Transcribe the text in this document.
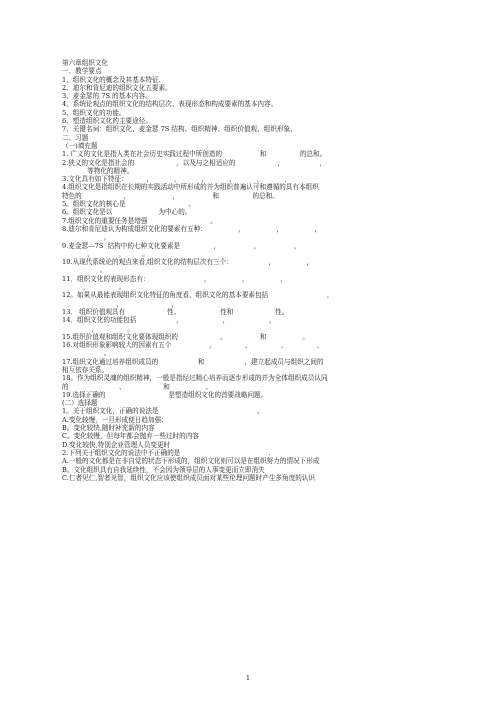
第六章组织文化

一、教学要点

1、组织文化的概念及其基本特征.

2、迪尔和肯尼迪的组织文化五要素。

3、麦金瑟的 7S 的基本内容。

4、系统论观点的组织文化的结构层次、表现形态和构成要素的基本内容。

5、组织文化的功能。

6、塑造组织文化的主要途径。

7、关键名词：组织文化、麦金瑟 7S 结构、组织精神、组织价值观、组织形象、

二、习题

（一)填充题

1. 广义的文化是指人类在社会历史实践过程中所创造的                  和                的总和。

2.狭义的文化是指社会的                    ，以及与之相适应的                    ，                 ，

等物化的精神。

3.文化具有如下特征：         ，          ，          ，          ，          ，          ，

4.组织文化是指组织在长期的实践活动中所形成的并为组织普遍认可和遵循的具有本组织

特色的                    ，                    ，                和                的总和。

5。组织文化的核心是                              。

6。组织文化是以                      为中心的。

7.组织文化的重要任务是增强                              。

8.迪尔和肯尼迪认为构成组织文化的要素有五种：               ，               ，               ，

，

9.麦金瑟—7S  结构中的七种文化要素是                ，                ，                ，

，            ，        。

10.从现代系统论的观点来看,组织文化的结构层次有三个：                 ，               ，

。

11．组织文化的表现形态有：                          ，               ，               ，

，              。

12。如果从最能表现组织文化特征的角度看，组织文化的基本要素包括                            ，

，                       ，

13． 组织价值观具有                    性、                   性和                    性。

14．组织文化的功能包括                   ，                   ，                   ，

，              。

15.组织价值观和组织文化要体现组织的                    、                和                 。

16.对组织形象影响较大的因素有五个                  ，              ，              ，              ，

。

17.组织文化通过培养组织成员的                   和                   ，建立起成员与组织之间的

相互依存关系。

18。作为组织灵魂的组织精神，一般是指经过精心培养而逐步形成的并为全体组织成员认同

的                        、                  和                 。

19.选择正确的                              是塑造组织文化的首要战略问题。

(二）选择题

1。关于组织文化，正确的说法是                                               。

A.变化较慢，一旦形成便日趋加强；

B。变化较快,随时补充新的内容

C。变化较慢，但每年都会抛弃一些过时的内容

D.变化较快,特别企业管理人员变更时

2.下列关于组织文化的说法中不正确的是                                          .

A.一般的文化都是在非自觉的状态下形成的，组织文化则可以是在组织努力的情况下形成

B。文化组织具有自我延续性，不会因为领导层的人事变更而立即消失

C.仁者见仁,智者见智，组织文化应该使组织成员面对某些伦理问题时产生多角度的认识

1
